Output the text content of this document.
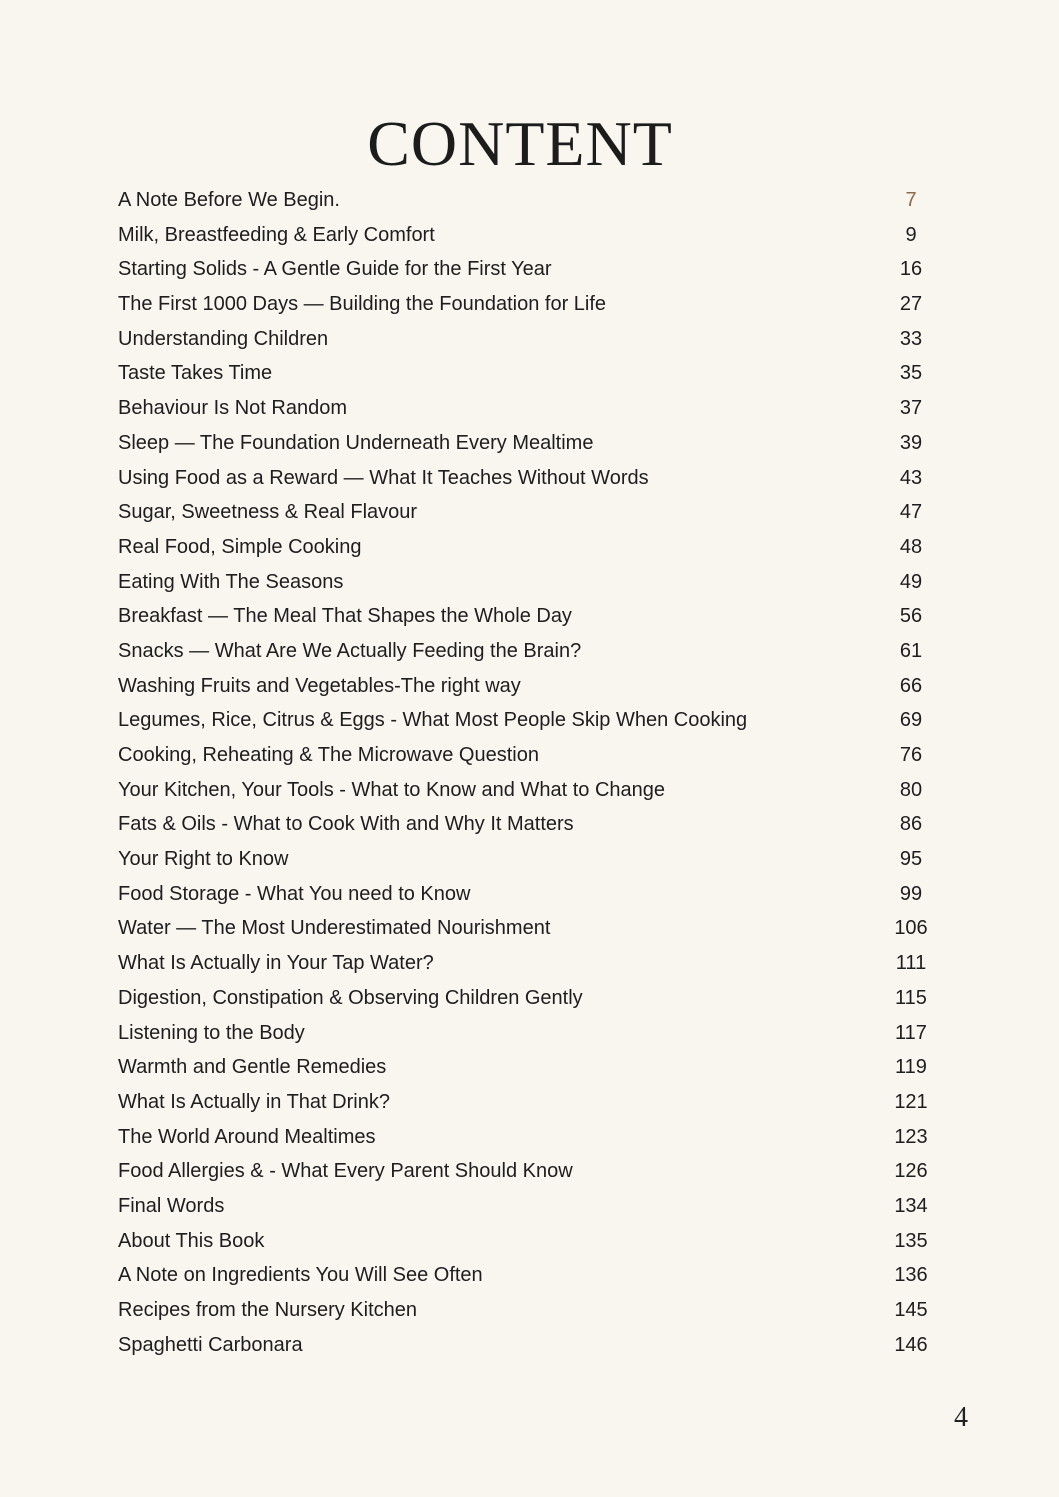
CONTENT
A Note Before We Begin.	7
Milk, Breastfeeding & Early Comfort	9
Starting Solids - A Gentle Guide for the First Year	16
The First 1000 Days — Building the Foundation for Life	27
Understanding Children	33
Taste Takes Time	35
Behaviour Is Not Random	37
Sleep — The Foundation Underneath Every Mealtime	39
Using Food as a Reward — What It Teaches Without Words	43
Sugar, Sweetness & Real Flavour	47
Real Food, Simple Cooking	48
Eating With The Seasons	49
Breakfast — The Meal That Shapes the Whole Day	56
Snacks — What Are We Actually Feeding the Brain?	61
Washing Fruits and Vegetables-The right way	66
Legumes, Rice, Citrus & Eggs - What Most People Skip When Cooking	69
Cooking, Reheating & The Microwave Question	76
Your Kitchen, Your Tools - What to Know and What to Change	80
Fats & Oils - What to Cook With and Why It Matters	86
Your Right to Know	95
Food Storage - What You need to Know	99
Water — The Most Underestimated Nourishment	106
What Is Actually in Your Tap Water?	111
Digestion, Constipation & Observing Children Gently	115
Listening to the Body	117
Warmth and Gentle Remedies	119
What Is Actually in That Drink?	121
The World Around Mealtimes	123
Food Allergies & - What Every Parent Should Know	126
Final Words	134
About This Book	135
A Note on Ingredients You Will See Often	136
Recipes from the Nursery Kitchen	145
Spaghetti Carbonara	146
4
